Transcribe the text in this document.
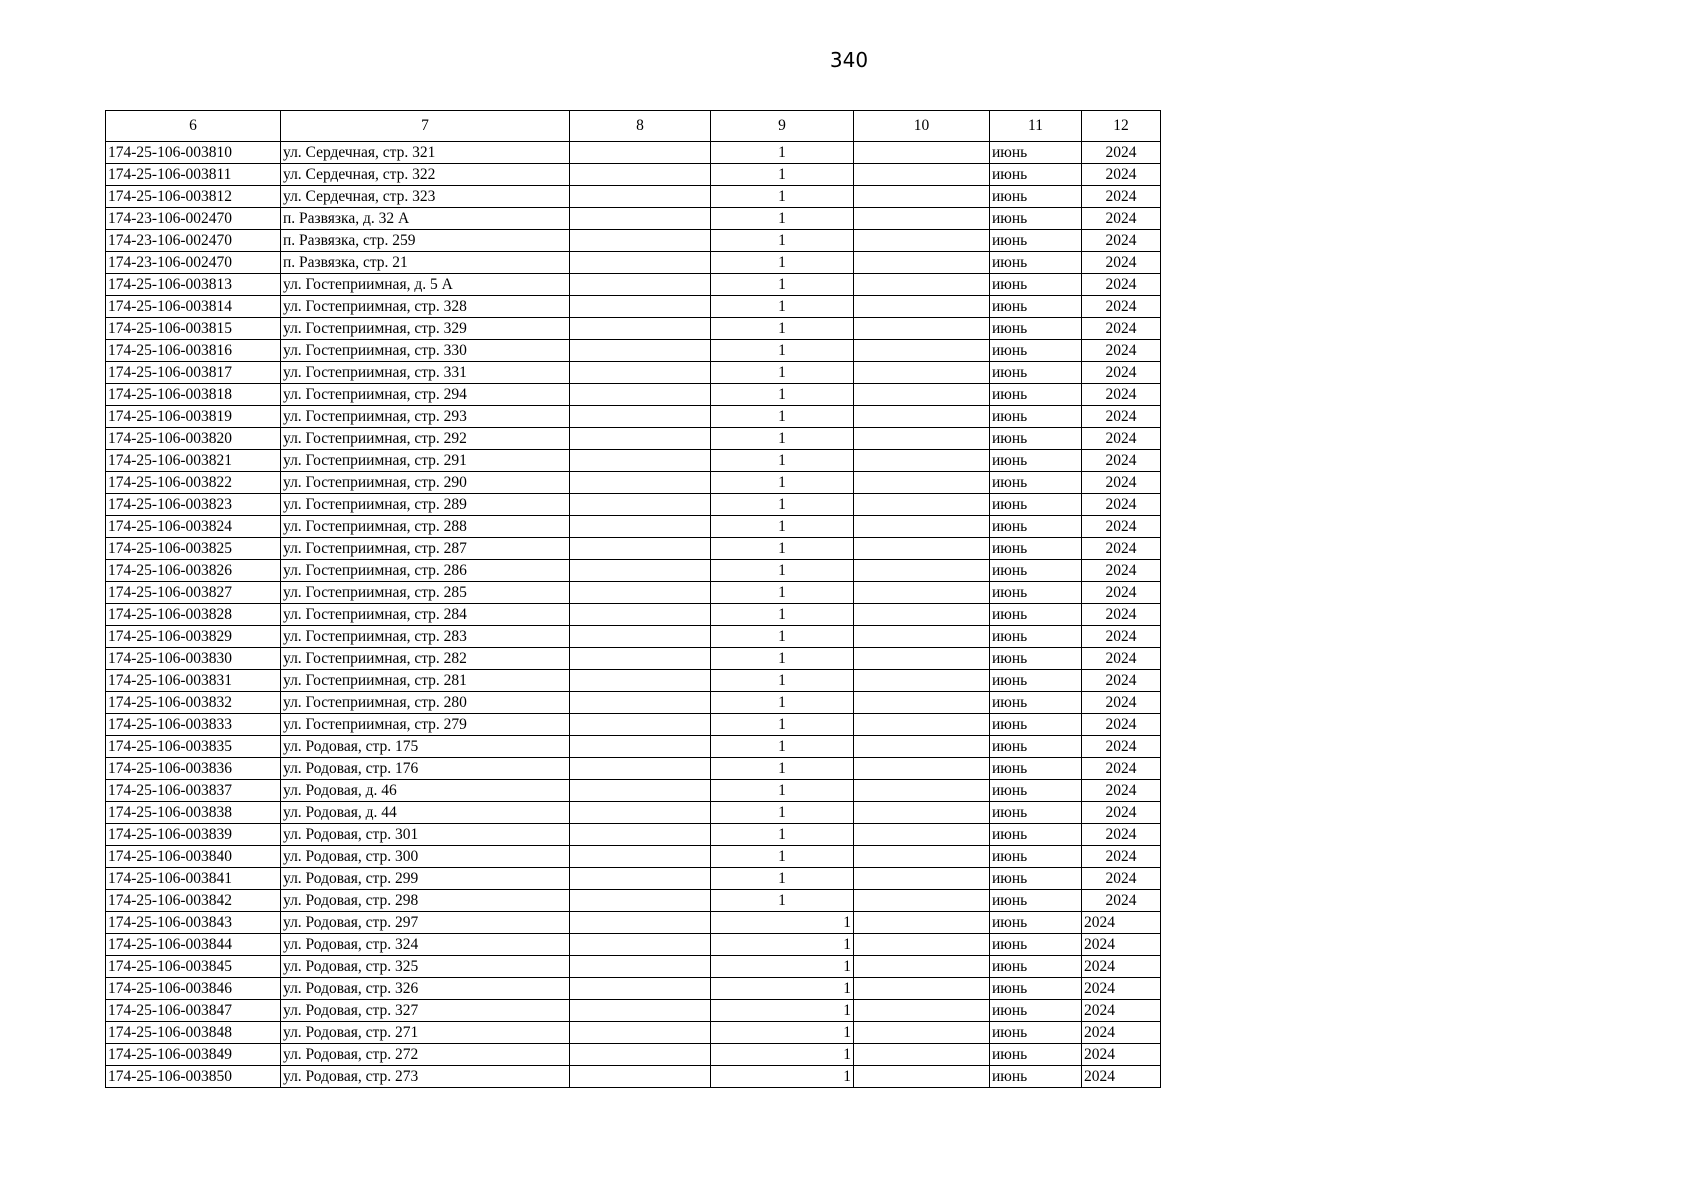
340
6	7	8	9	10	11	12
174-25-106-003810	ул. Сердечная, стр. 321		1		июнь	2024
174-25-106-003811	ул. Сердечная, стр. 322		1		июнь	2024
174-25-106-003812	ул. Сердечная, стр. 323		1		июнь	2024
174-23-106-002470	п. Развязка, д. 32 А		1		июнь	2024
174-23-106-002470	п. Развязка, стр. 259		1		июнь	2024
174-23-106-002470	п. Развязка, стр. 21		1		июнь	2024
174-25-106-003813	ул. Гостеприимная, д. 5 А		1		июнь	2024
174-25-106-003814	ул. Гостеприимная, стр. 328		1		июнь	2024
174-25-106-003815	ул. Гостеприимная, стр. 329		1		июнь	2024
174-25-106-003816	ул. Гостеприимная, стр. 330		1		июнь	2024
174-25-106-003817	ул. Гостеприимная, стр. 331		1		июнь	2024
174-25-106-003818	ул. Гостеприимная, стр. 294		1		июнь	2024
174-25-106-003819	ул. Гостеприимная, стр. 293		1		июнь	2024
174-25-106-003820	ул. Гостеприимная, стр. 292		1		июнь	2024
174-25-106-003821	ул. Гостеприимная, стр. 291		1		июнь	2024
174-25-106-003822	ул. Гостеприимная, стр. 290		1		июнь	2024
174-25-106-003823	ул. Гостеприимная, стр. 289		1		июнь	2024
174-25-106-003824	ул. Гостеприимная, стр. 288		1		июнь	2024
174-25-106-003825	ул. Гостеприимная, стр. 287		1		июнь	2024
174-25-106-003826	ул. Гостеприимная, стр. 286		1		июнь	2024
174-25-106-003827	ул. Гостеприимная, стр. 285		1		июнь	2024
174-25-106-003828	ул. Гостеприимная, стр. 284		1		июнь	2024
174-25-106-003829	ул. Гостеприимная, стр. 283		1		июнь	2024
174-25-106-003830	ул. Гостеприимная, стр. 282		1		июнь	2024
174-25-106-003831	ул. Гостеприимная, стр. 281		1		июнь	2024
174-25-106-003832	ул. Гостеприимная, стр. 280		1		июнь	2024
174-25-106-003833	ул. Гостеприимная, стр. 279		1		июнь	2024
174-25-106-003835	ул. Родовая, стр. 175		1		июнь	2024
174-25-106-003836	ул. Родовая, стр. 176		1		июнь	2024
174-25-106-003837	ул. Родовая, д. 46		1		июнь	2024
174-25-106-003838	ул. Родовая, д. 44		1		июнь	2024
174-25-106-003839	ул. Родовая, стр. 301		1		июнь	2024
174-25-106-003840	ул. Родовая, стр. 300		1		июнь	2024
174-25-106-003841	ул. Родовая, стр. 299		1		июнь	2024
174-25-106-003842	ул. Родовая, стр. 298		1		июнь	2024
174-25-106-003843	ул. Родовая, стр. 297		1		июнь	2024
174-25-106-003844	ул. Родовая, стр. 324		1		июнь	2024
174-25-106-003845	ул. Родовая, стр. 325		1		июнь	2024
174-25-106-003846	ул. Родовая, стр. 326		1		июнь	2024
174-25-106-003847	ул. Родовая, стр. 327		1		июнь	2024
174-25-106-003848	ул. Родовая, стр. 271		1		июнь	2024
174-25-106-003849	ул. Родовая, стр. 272		1		июнь	2024
174-25-106-003850	ул. Родовая, стр. 273		1		июнь	2024
